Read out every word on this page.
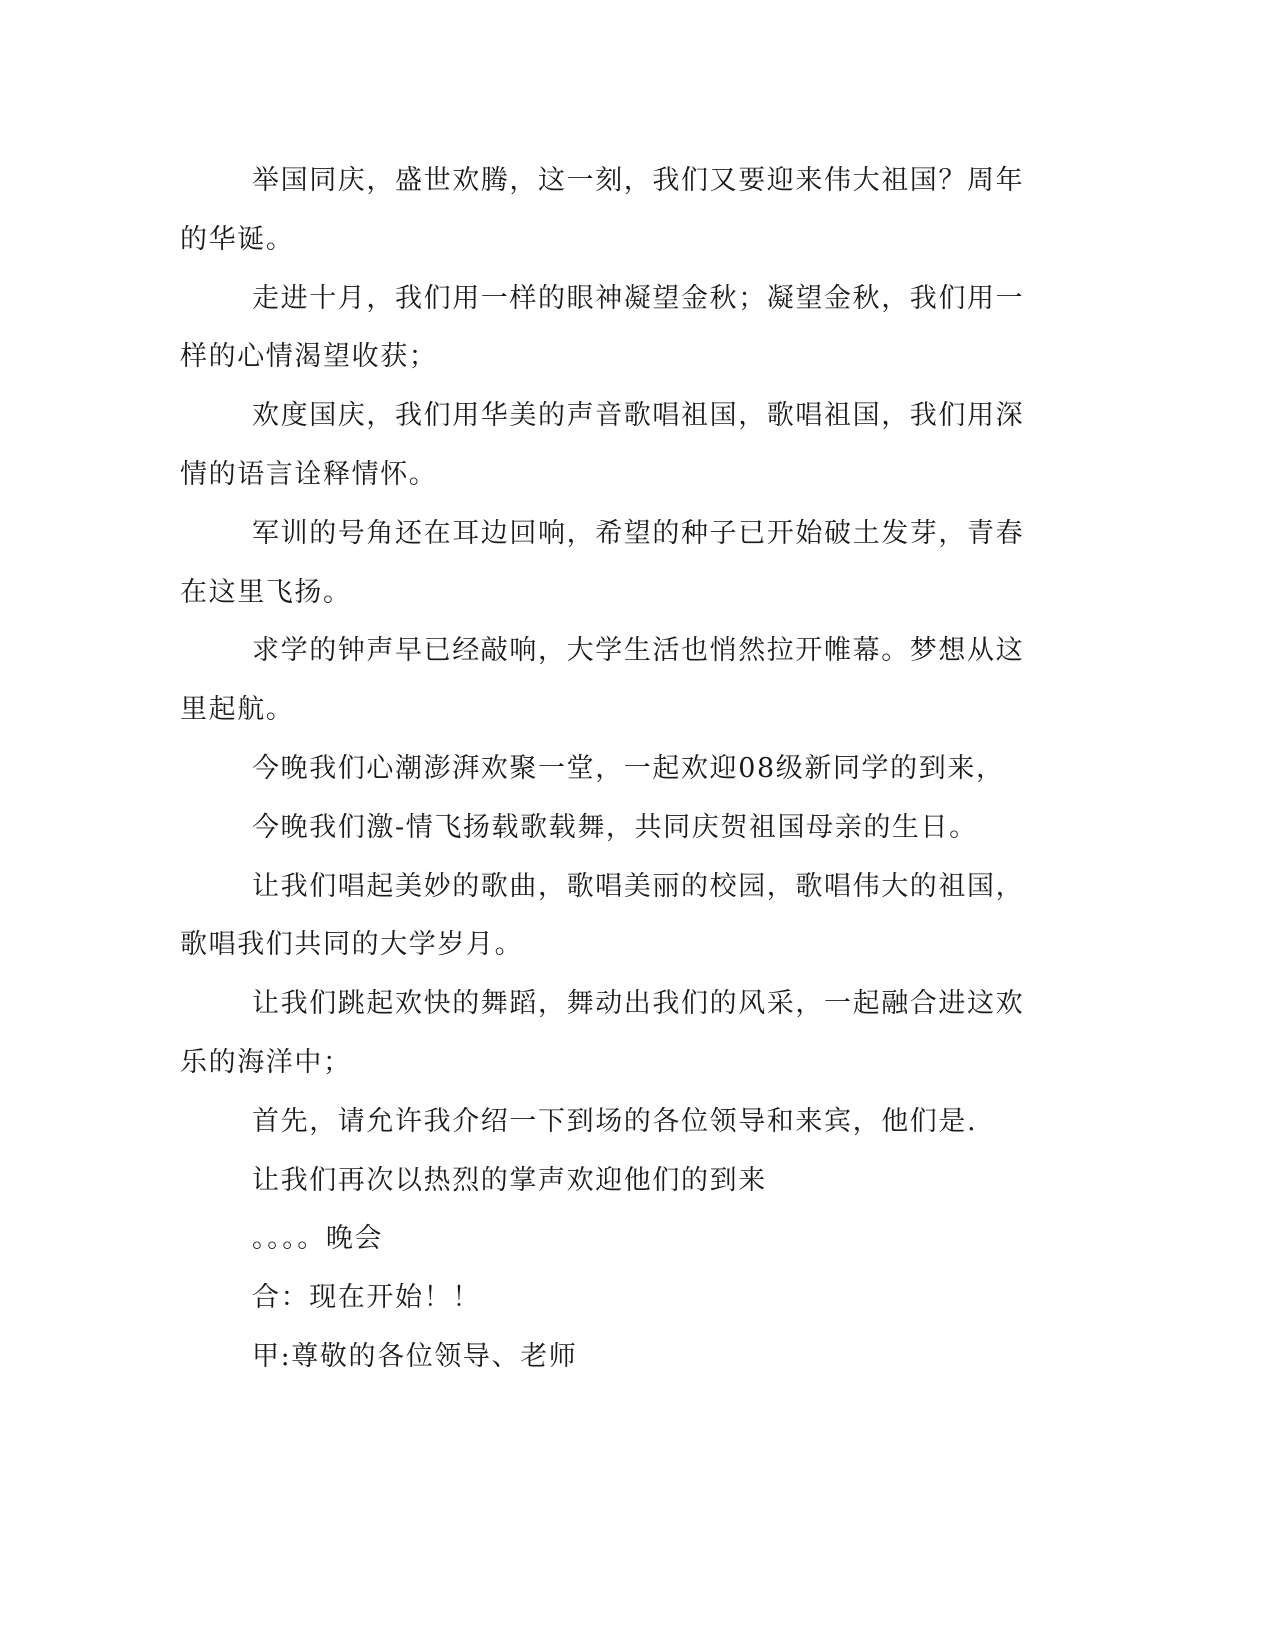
举国同庆，盛世欢腾，这一刻，我们又要迎来伟大祖国？周年的华诞。

走进十月，我们用一样的眼神凝望金秋；凝望金秋，我们用一样的心情渴望收获；

欢度国庆，我们用华美的声音歌唱祖国，歌唱祖国，我们用深情的语言诠释情怀。

军训的号角还在耳边回响，希望的种子已开始破土发芽，青春在这里飞扬。

求学的钟声早已经敲响，大学生活也悄然拉开帷幕。梦想从这里起航。

今晚我们心潮澎湃欢聚一堂，一起欢迎08级新同学的到来，

今晚我们激-情飞扬载歌载舞，共同庆贺祖国母亲的生日。

让我们唱起美妙的歌曲，歌唱美丽的校园，歌唱伟大的祖国，歌唱我们共同的大学岁月。

让我们跳起欢快的舞蹈，舞动出我们的风采，一起融合进这欢乐的海洋中；

首先，请允许我介绍一下到场的各位领导和来宾，他们是.

让我们再次以热烈的掌声欢迎他们的到来

。。。。晚会

合：现在开始！！

甲:尊敬的各位领导、老师
